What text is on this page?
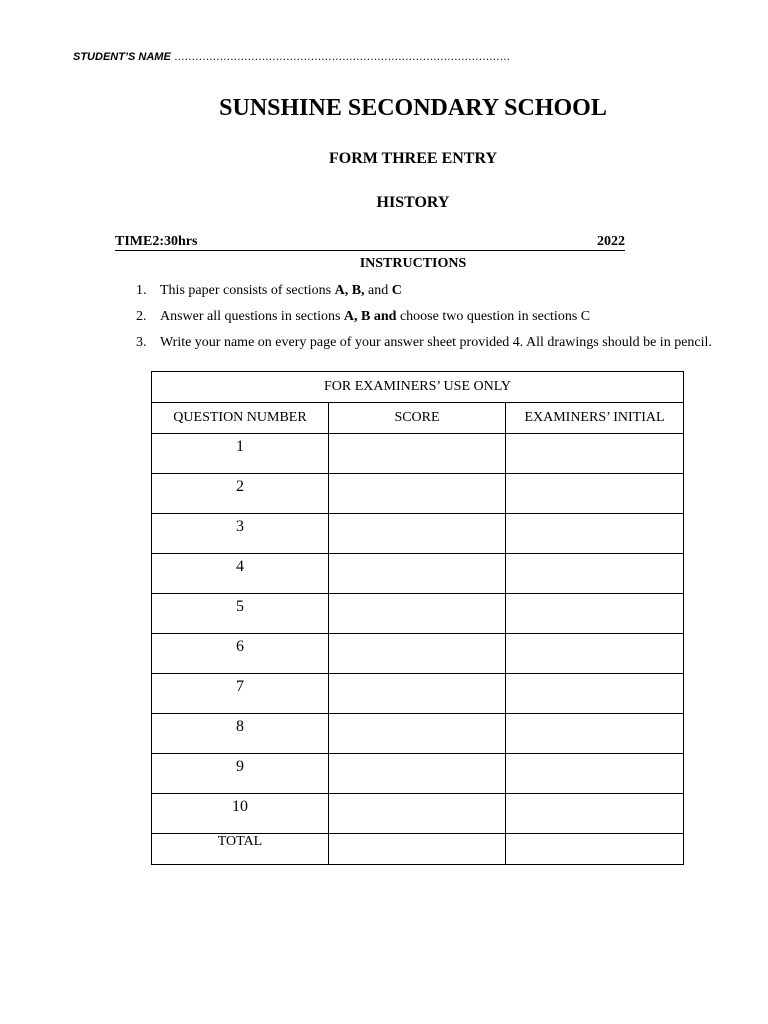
STUDENT’S NAME ……………………………………………………………………………………
SUNSHINE SECONDARY SCHOOL
FORM THREE ENTRY
HISTORY
TIME2:30hrs	2022
INSTRUCTIONS
1. This paper consists of sections A, B, and C
2. Answer all questions in sections A, B and choose two question in sections C
3. Write your name on every page of your answer sheet provided 4. All drawings should be in pencil.
FOR EXAMINERS’ USE ONLY		
QUESTION NUMBER	SCORE	EXAMINERS’ INITIAL
1		
2		
3		
4		
5		
6		
7		
8		
9		
10		
TOTAL		
